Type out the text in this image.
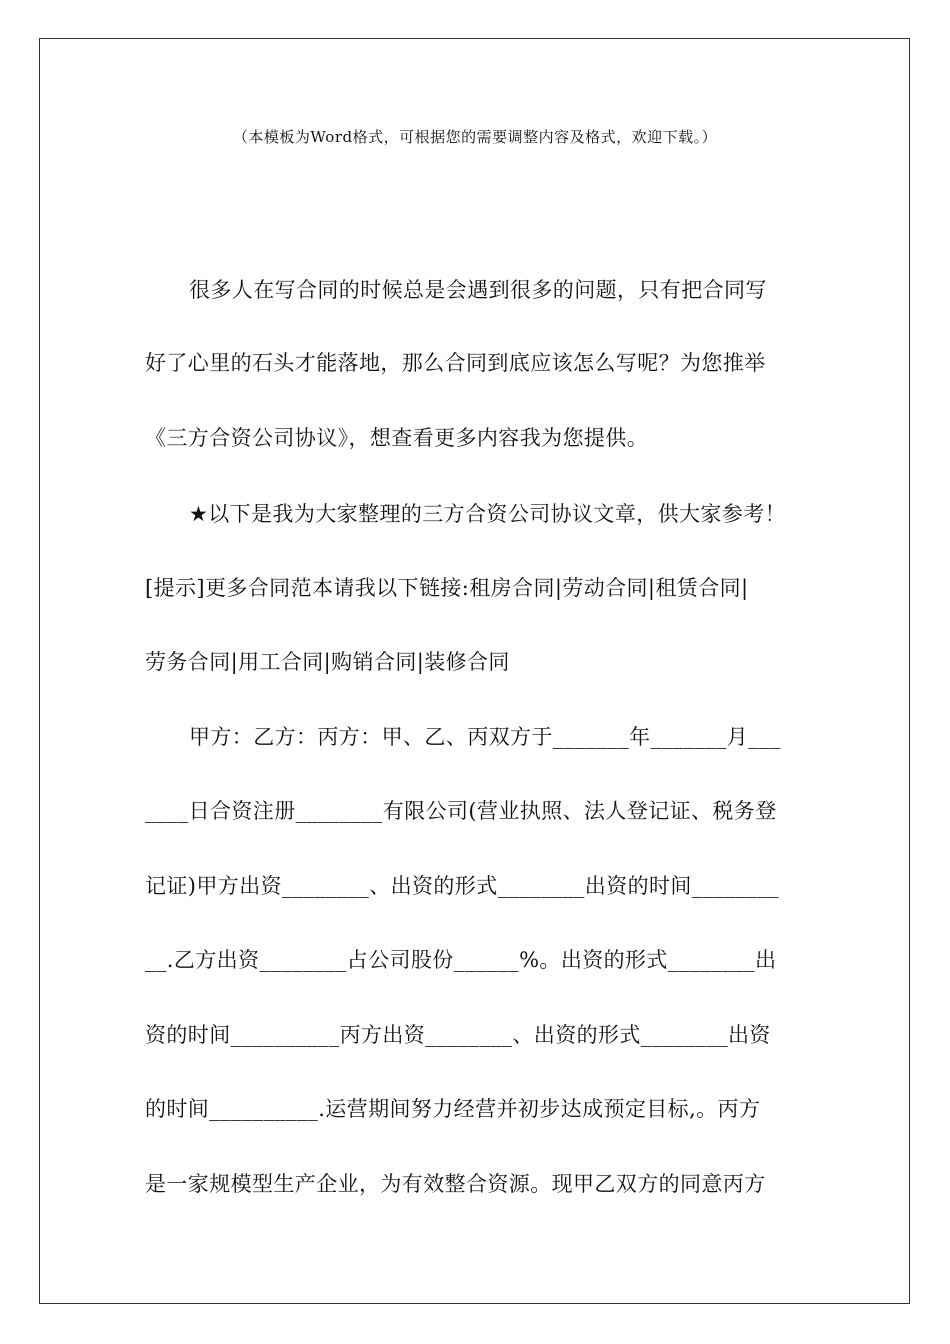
（本模板为Word格式，可根据您的需要调整内容及格式，欢迎下载。）
很多人在写合同的时候总是会遇到很多的问题，只有把合同写
好了心里的石头才能落地，那么合同到底应该怎么写呢？为您推举
《三方合资公司协议》，想查看更多内容我为您提供。
★以下是我为大家整理的三方合资公司协议文章，供大家参考！
[提示]更多合同范本请我以下链接:租房合同|劳动合同|租赁合同|
劳务合同|用工合同|购销合同|装修合同
甲方：乙方：丙方：甲、乙、丙双方于_______年_______月___
____日合资注册________有限公司(营业执照、法人登记证、税务登
记证)甲方出资________、出资的形式________出资的时间________
__.乙方出资________占公司股份______%。出资的形式________出
资的时间__________丙方出资________、出资的形式________出资
的时间__________.运营期间努力经营并初步达成预定目标,。丙方
是一家规模型生产企业，为有效整合资源。现甲乙双方的同意丙方
